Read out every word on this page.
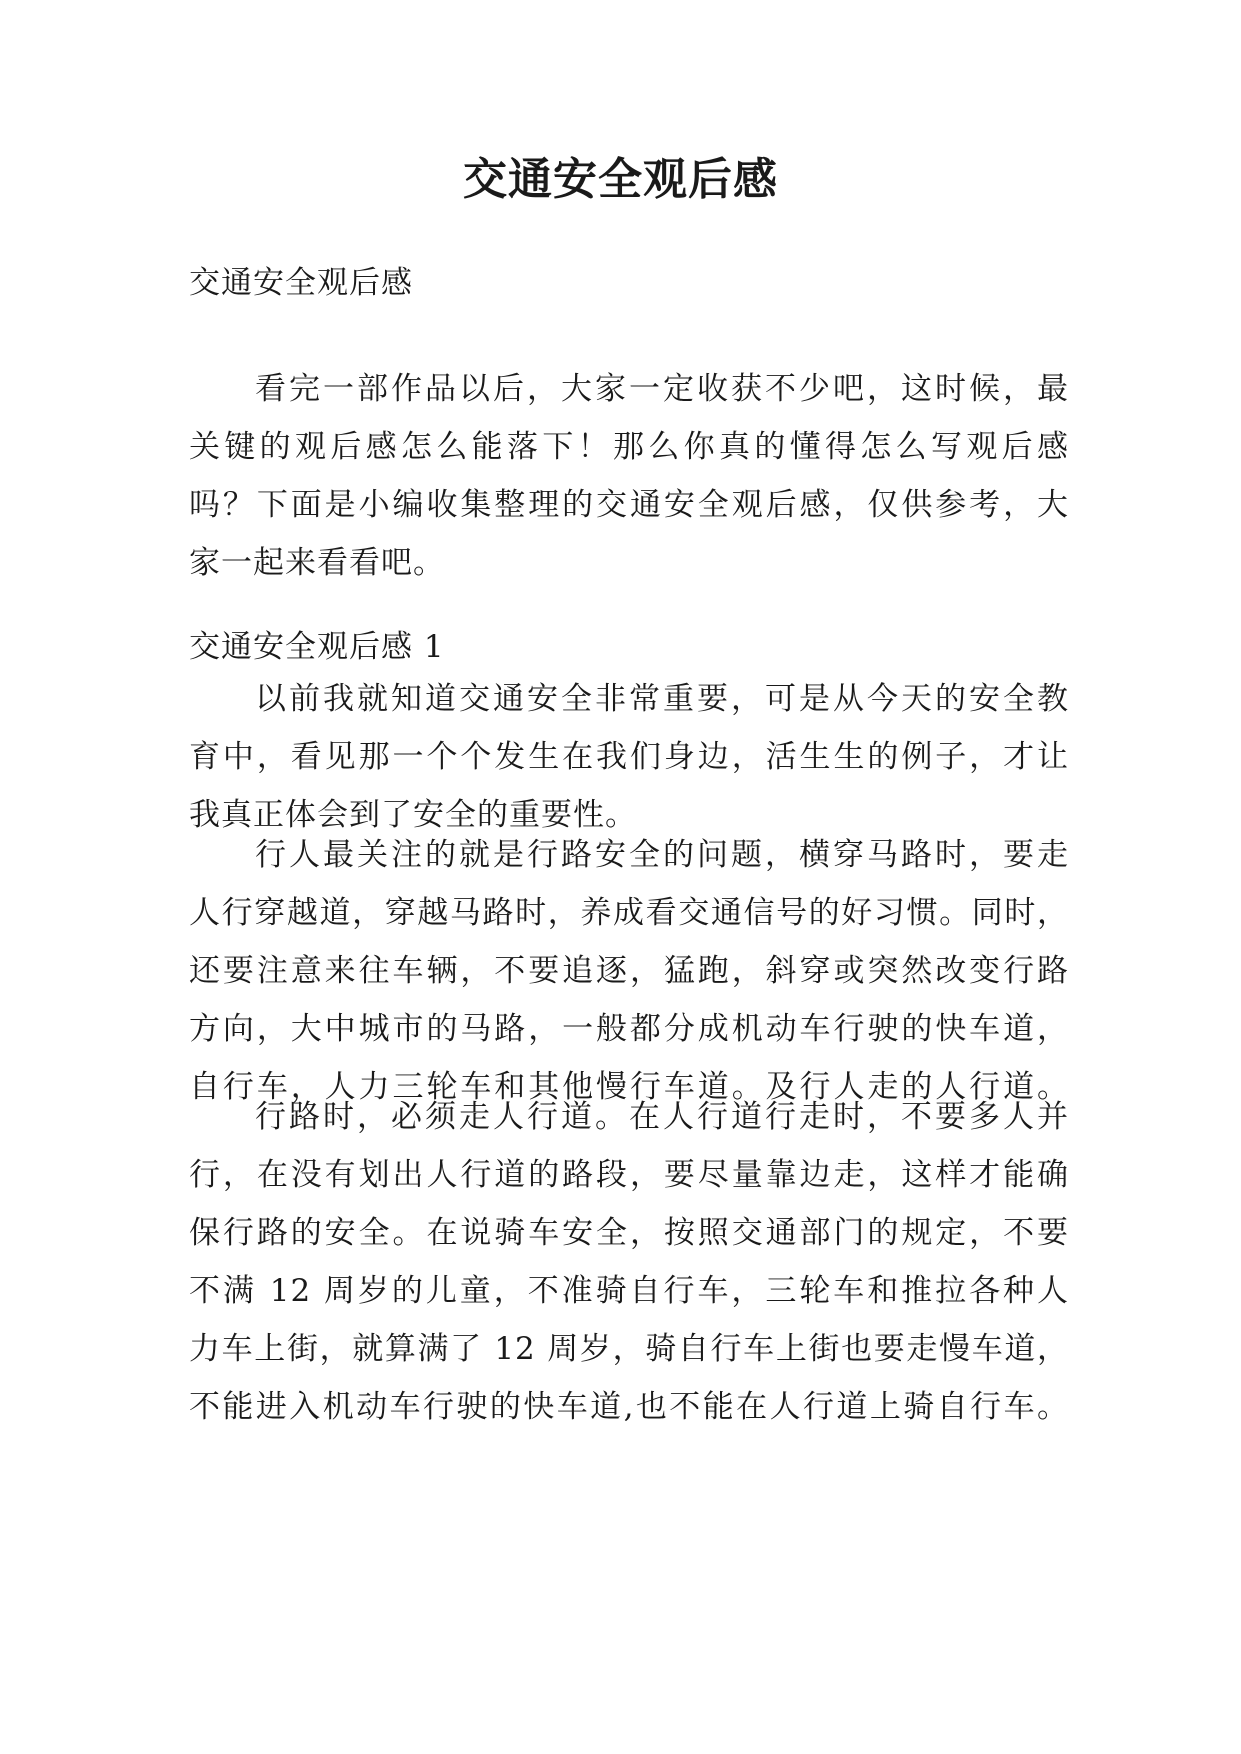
交通安全观后感
交通安全观后感
看完一部作品以后，大家一定收获不少吧，这时候，最
关键的观后感怎么能落下！那么你真的懂得怎么写观后感
吗？下面是小编收集整理的交通安全观后感，仅供参考，大
家一起来看看吧。
交通安全观后感 1
以前我就知道交通安全非常重要，可是从今天的安全教
育中，看见那一个个发生在我们身边，活生生的例子，才让
我真正体会到了安全的重要性。
行人最关注的就是行路安全的问题，横穿马路时，要走
人行穿越道，穿越马路时，养成看交通信号的好习惯。同时，
还要注意来往车辆，不要追逐，猛跑，斜穿或突然改变行路
方向，大中城市的马路，一般都分成机动车行驶的快车道，
自行车，人力三轮车和其他慢行车道。及行人走的人行道。
行路时，必须走人行道。在人行道行走时，不要多人并
行，在没有划出人行道的路段，要尽量靠边走，这样才能确
保行路的安全。在说骑车安全，按照交通部门的规定，不要
不满 12 周岁的儿童，不准骑自行车，三轮车和推拉各种人
力车上街，就算满了 12 周岁，骑自行车上街也要走慢车道，
不能进入机动车行驶的快车道,也不能在人行道上骑自行车。
